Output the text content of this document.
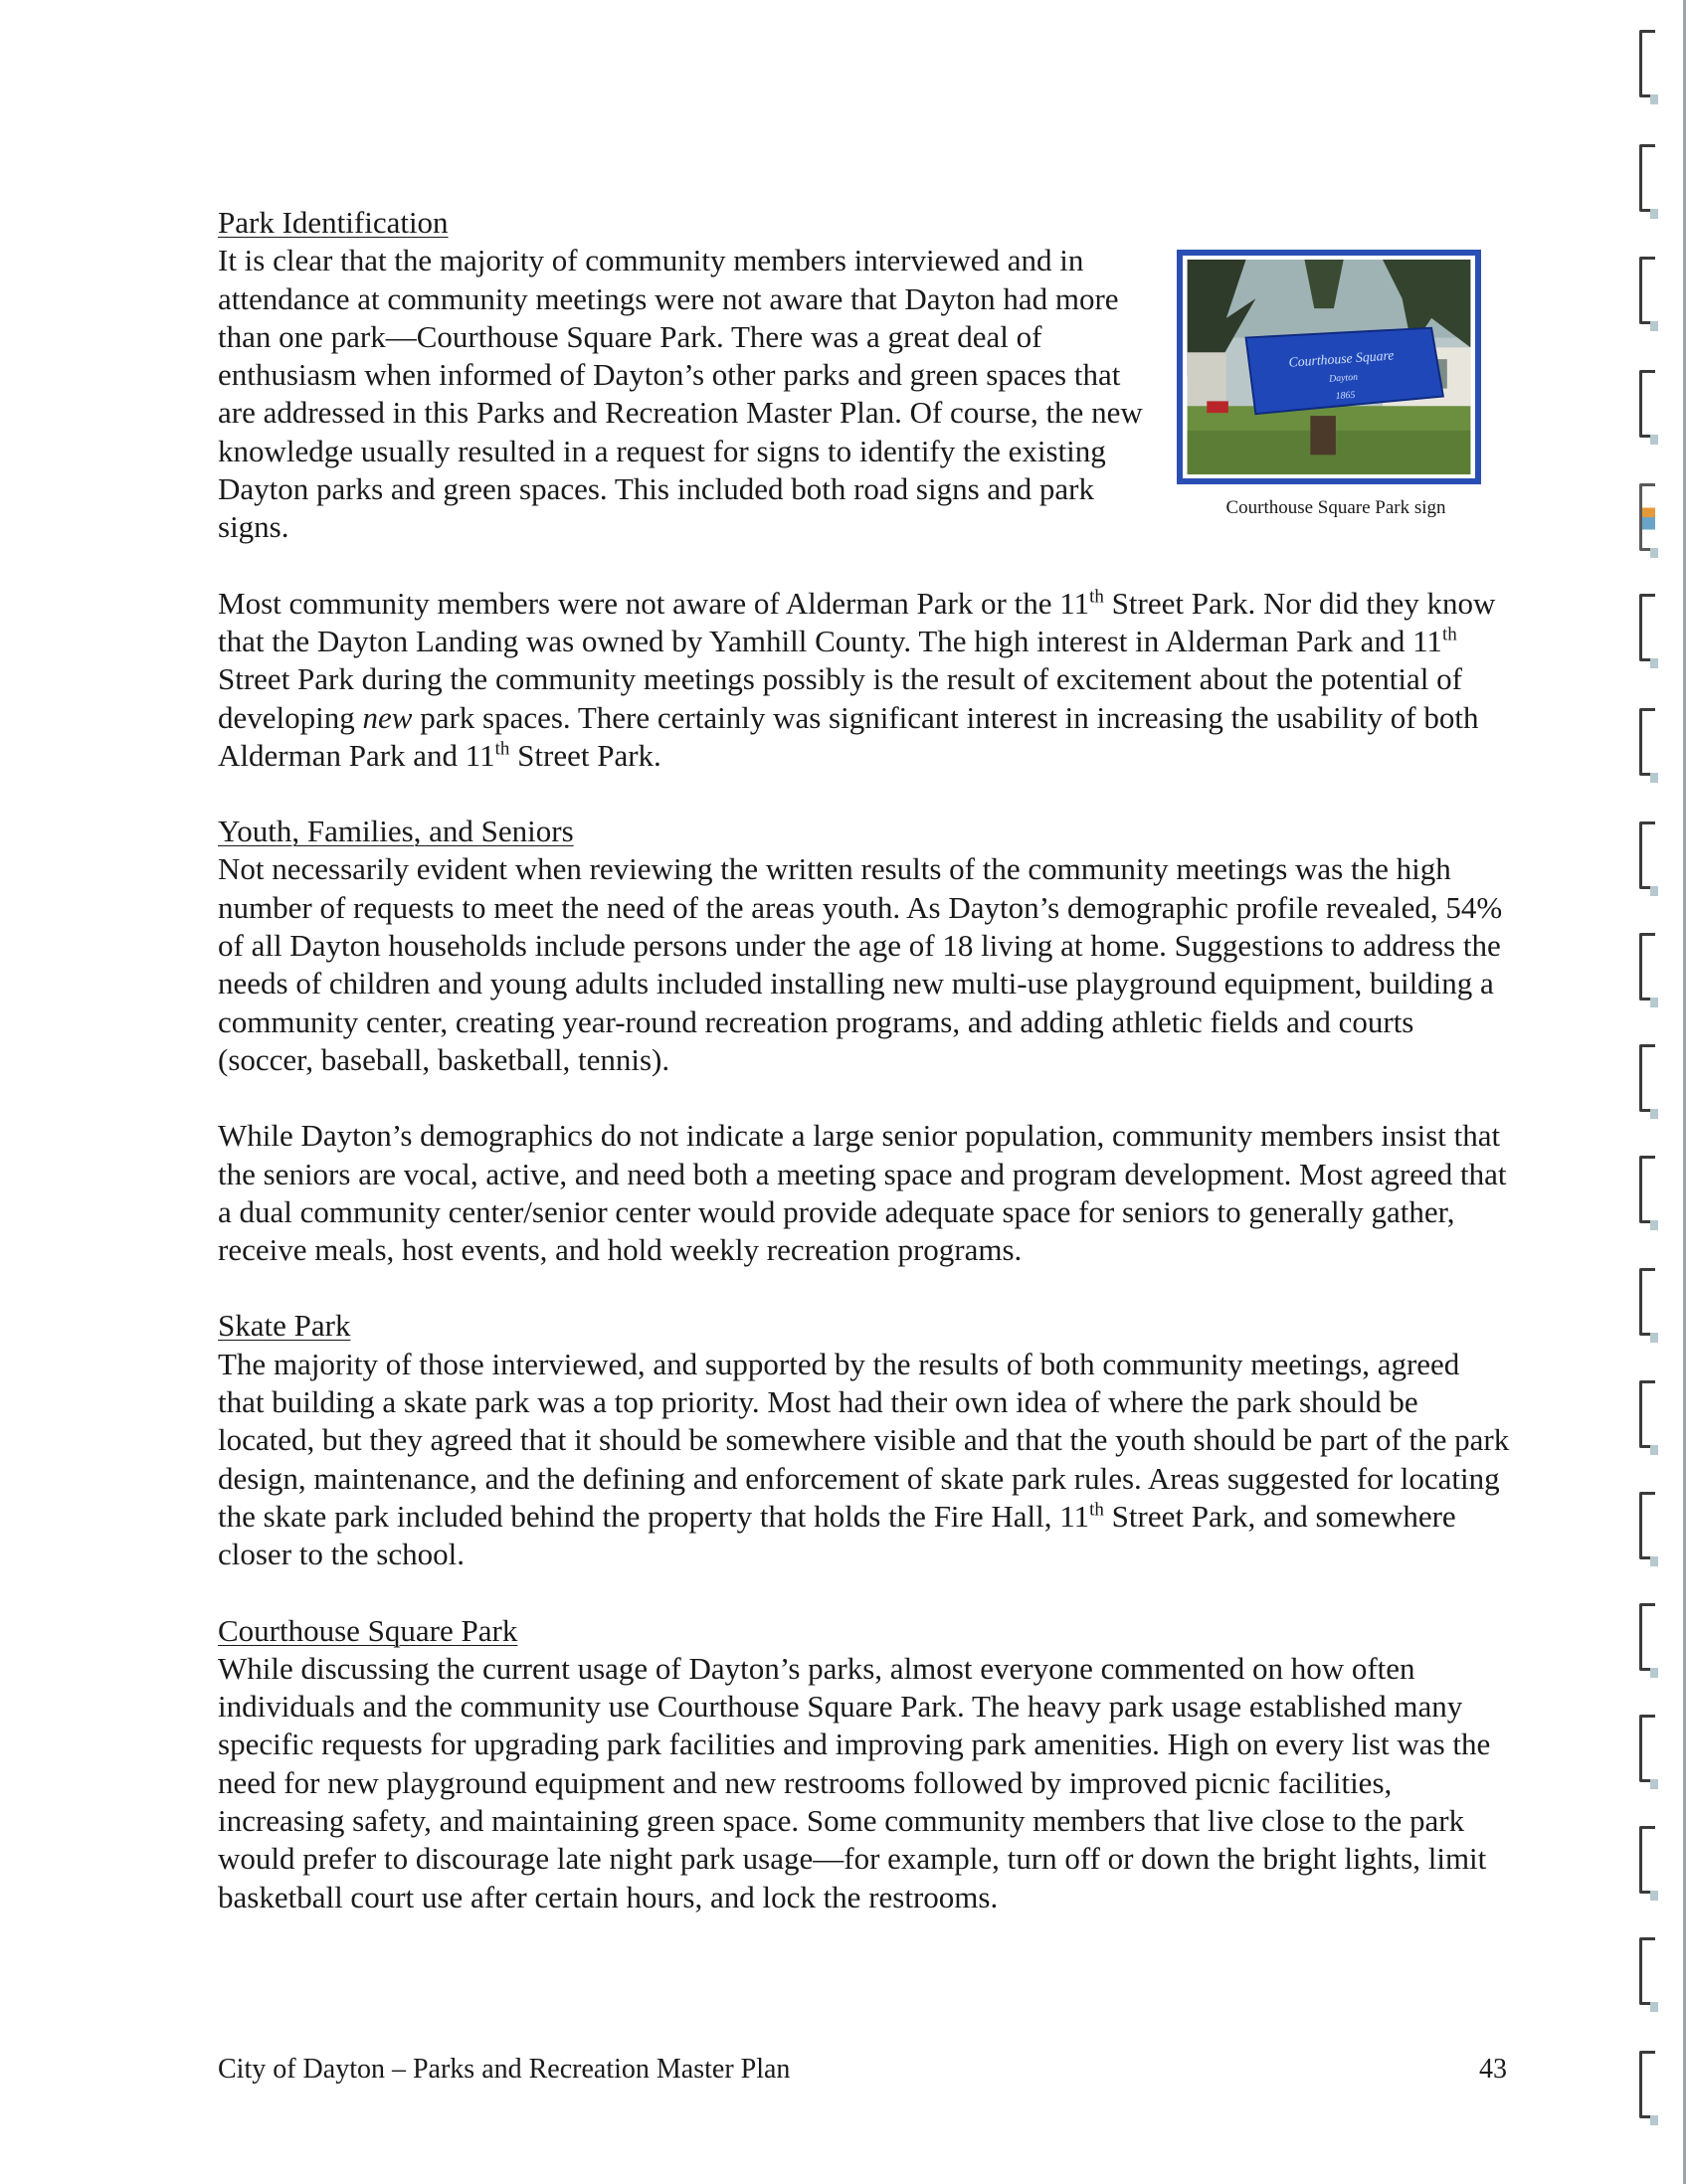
Park Identification
Courthouse Square
Dayton
1865
Courthouse Square Park sign

It is clear that the majority of community members interviewed and in attendance at community meetings were not aware that Dayton had more than one park—Courthouse Square Park. There was a great deal of enthusiasm when informed of Dayton’s other parks and green spaces that are addressed in this Parks and Recreation Master Plan. Of course, the new knowledge usually resulted in a request for signs to identify the existing Dayton parks and green spaces. This included both road signs and park signs.

Most community members were not aware of Alderman Park or the 11th Street Park. Nor did they know that the Dayton Landing was owned by Yamhill County. The high interest in Alderman Park and 11th Street Park during the community meetings possibly is the result of excitement about the potential of developing new park spaces. There certainly was significant interest in increasing the usability of both Alderman Park and 11th Street Park.

Youth, Families, and Seniors

Not necessarily evident when reviewing the written results of the community meetings was the high number of requests to meet the need of the areas youth. As Dayton’s demographic profile revealed, 54% of all Dayton households include persons under the age of 18 living at home. Suggestions to address the needs of children and young adults included installing new multi-use playground equipment, building a community center, creating year-round recreation programs, and adding athletic fields and courts (soccer, baseball, basketball, tennis).

While Dayton’s demographics do not indicate a large senior population, community members insist that the seniors are vocal, active, and need both a meeting space and program development. Most agreed that a dual community center/senior center would provide adequate space for seniors to generally gather, receive meals, host events, and hold weekly recreation programs.

Skate Park

The majority of those interviewed, and supported by the results of both community meetings, agreed that building a skate park was a top priority. Most had their own idea of where the park should be located, but they agreed that it should be somewhere visible and that the youth should be part of the park design, maintenance, and the defining and enforcement of skate park rules. Areas suggested for locating the skate park included behind the property that holds the Fire Hall, 11th Street Park, and somewhere closer to the school.

Courthouse Square Park

While discussing the current usage of Dayton’s parks, almost everyone commented on how often individuals and the community use Courthouse Square Park. The heavy park usage established many specific requests for upgrading park facilities and improving park amenities. High on every list was the need for new playground equipment and new restrooms followed by improved picnic facilities, increasing safety, and maintaining green space. Some community members that live close to the park would prefer to discourage late night park usage—for example, turn off or down the bright lights, limit basketball court use after certain hours, and lock the restrooms.

City of Dayton – Parks and Recreation Master Plan	43
